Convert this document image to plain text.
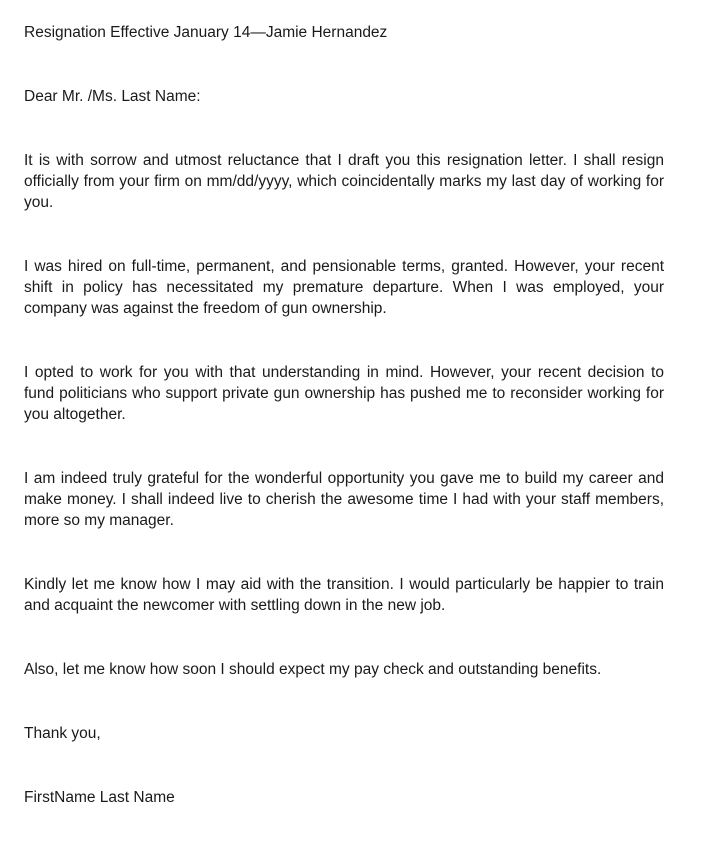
Resignation Effective January 14—Jamie Hernandez

Dear Mr. /Ms. Last Name:

It is with sorrow and utmost reluctance that I draft you this resignation letter. I shall resign officially from your firm on mm/dd/yyyy, which coincidentally marks my last day of working for you.

I was hired on full-time, permanent, and pensionable terms, granted. However, your recent shift in policy has necessitated my premature departure. When I was employed, your company was against the freedom of gun ownership.

I opted to work for you with that understanding in mind. However, your recent decision to fund politicians who support private gun ownership has pushed me to reconsider working for you altogether.

I am indeed truly grateful for the wonderful opportunity you gave me to build my career and make money. I shall indeed live to cherish the awesome time I had with your staff members, more so my manager.

Kindly let me know how I may aid with the transition. I would particularly be happier to train and acquaint the newcomer with settling down in the new job.

Also, let me know how soon I should expect my pay check and outstanding benefits.

Thank you,

FirstName Last Name
